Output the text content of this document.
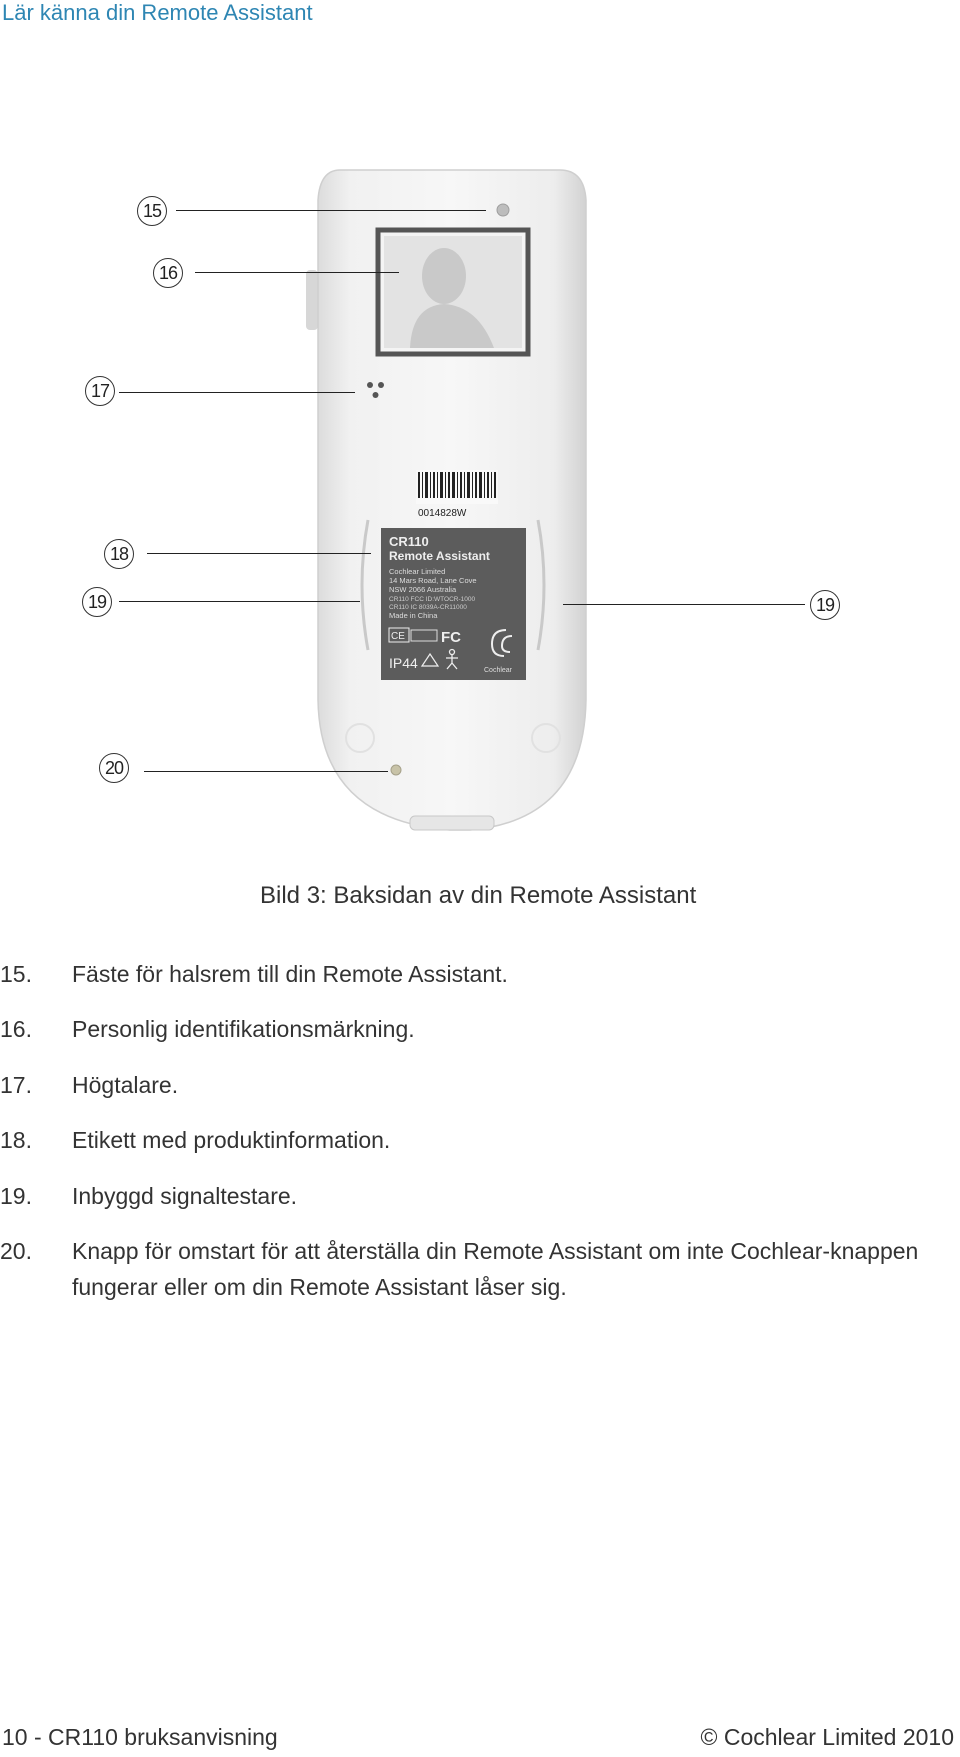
Lär känna din Remote Assistant
0014828W
CR110
Remote Assistant
Cochlear Limited
14 Mars Road, Lane Cove
NSW 2066 Australia
CR110 FCC ID:WTOCR-1000
CR110 IC 8039A-CR11000
Made in China
CE FC
IP44	Cochlear
15
16
17
18
19	19
20
Bild 3: Baksidan av din Remote Assistant
15.	Fäste för halsrem till din Remote Assistant.
16.	Personlig identifikationsmärkning.
17.	Högtalare.
18.	Etikett med produktinformation.
19.	Inbyggd signaltestare.
20.	Knapp för omstart för att återställa din Remote Assistant om inte Cochlear-knappen fungerar eller om din Remote Assistant låser sig.
10 - CR110 bruksanvisning	© Cochlear Limited 2010
